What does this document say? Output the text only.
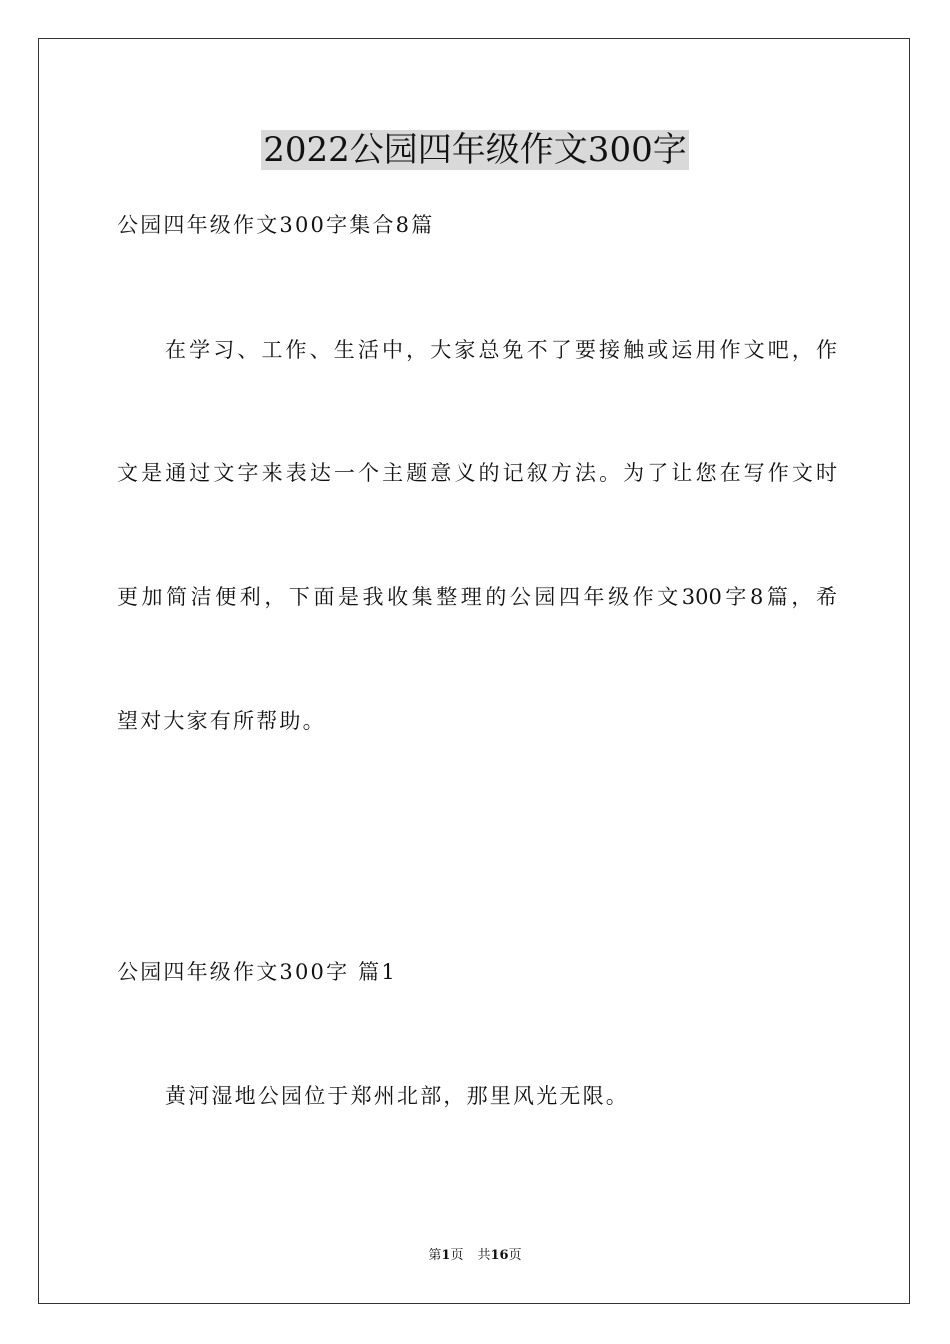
2022公园四年级作文300字
公园四年级作文300字集合8篇
在学习、工作、生活中，大家总免不了要接触或运用作文吧，作
文是通过文字来表达一个主题意义的记叙方法。为了让您在写作文时
更加简洁便利，下面是我收集整理的公园四年级作文300字8篇，希
望对大家有所帮助。
公园四年级作文300字 篇1
黄河湿地公园位于郑州北部，那里风光无限。
第1页 共16页
